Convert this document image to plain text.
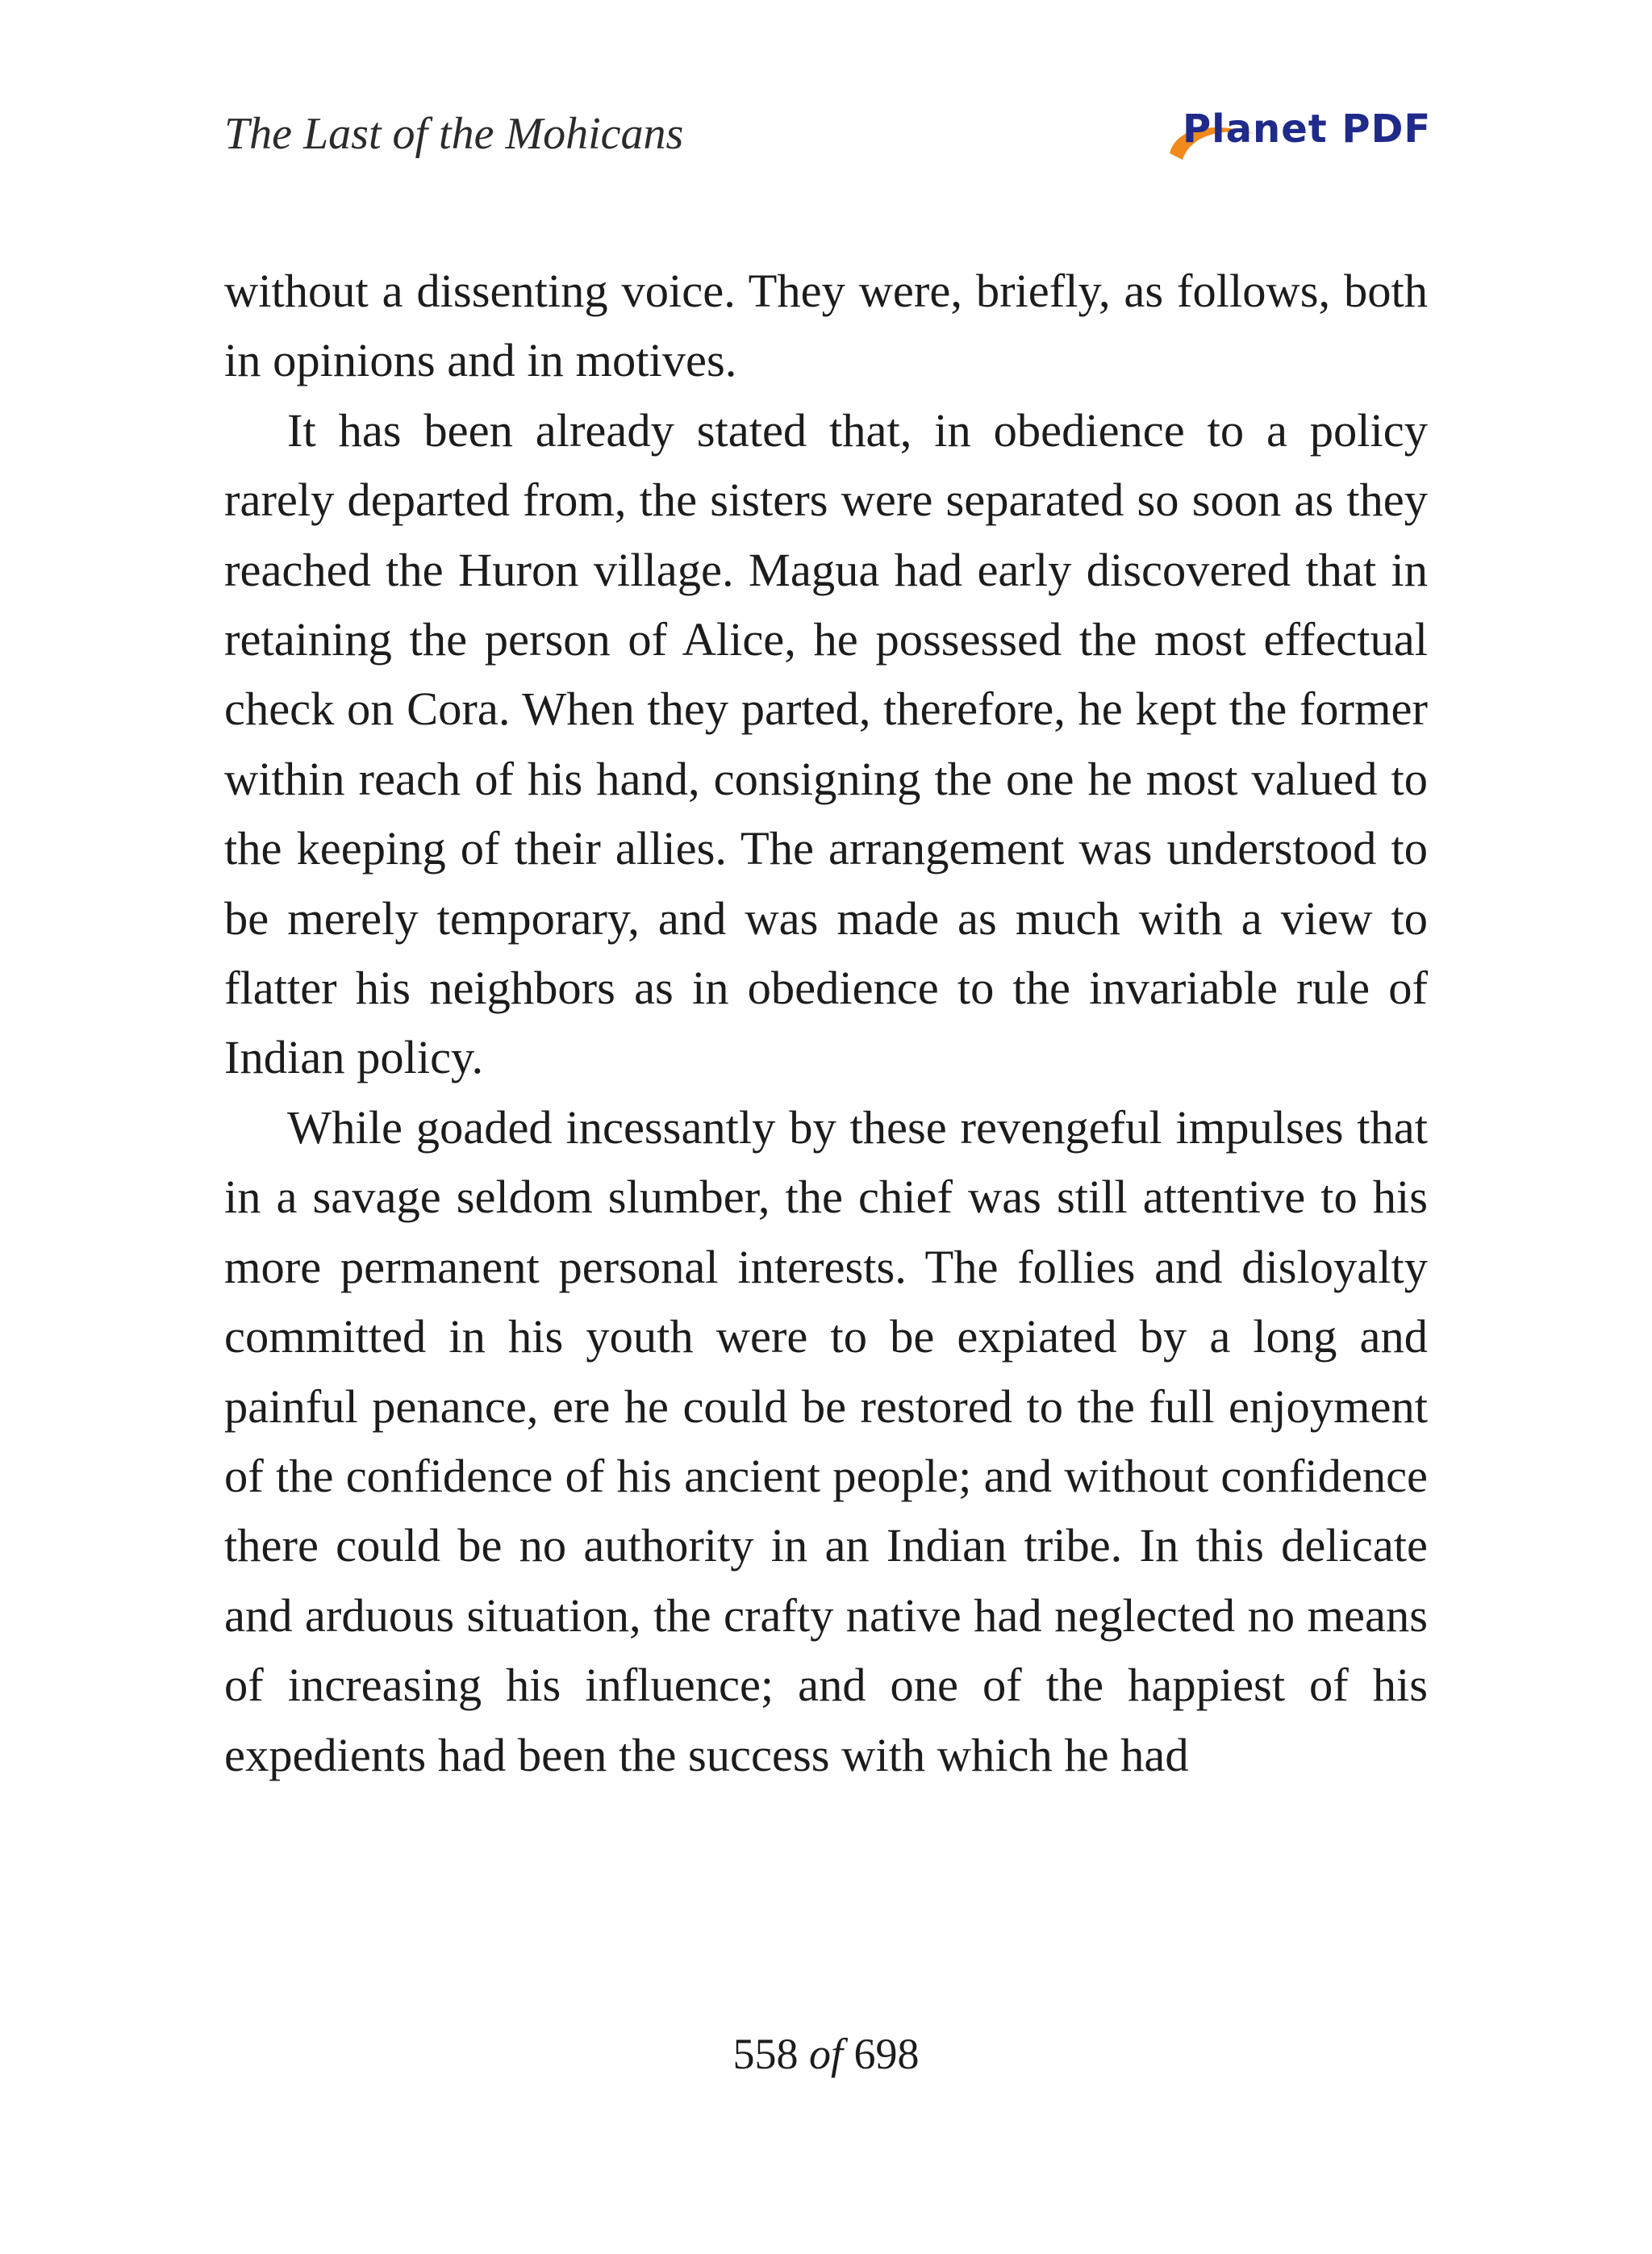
The Last of the Mohicans	Planet PDF

without a dissenting voice. They were, briefly, as follows, both in opinions and in motives.

It has been already stated that, in obedience to a policy rarely departed from, the sisters were separated so soon as they reached the Huron village. Magua had early discovered that in retaining the person of Alice, he possessed the most effectual check on Cora. When they parted, therefore, he kept the former within reach of his hand, consigning the one he most valued to the keeping of their allies. The arrangement was understood to be merely temporary, and was made as much with a view to flatter his neighbors as in obedience to the invariable rule of Indian policy.

While goaded incessantly by these revengeful impulses that in a savage seldom slumber, the chief was still attentive to his more permanent personal interests. The follies and disloyalty committed in his youth were to be expiated by a long and painful penance, ere he could be restored to the full enjoyment of the confidence of his ancient people; and without confidence there could be no authority in an Indian tribe. In this delicate and arduous situation, the crafty native had neglected no means of increasing his influence; and one of the happiest of his expedients had been the success with which he had

558 of 698
